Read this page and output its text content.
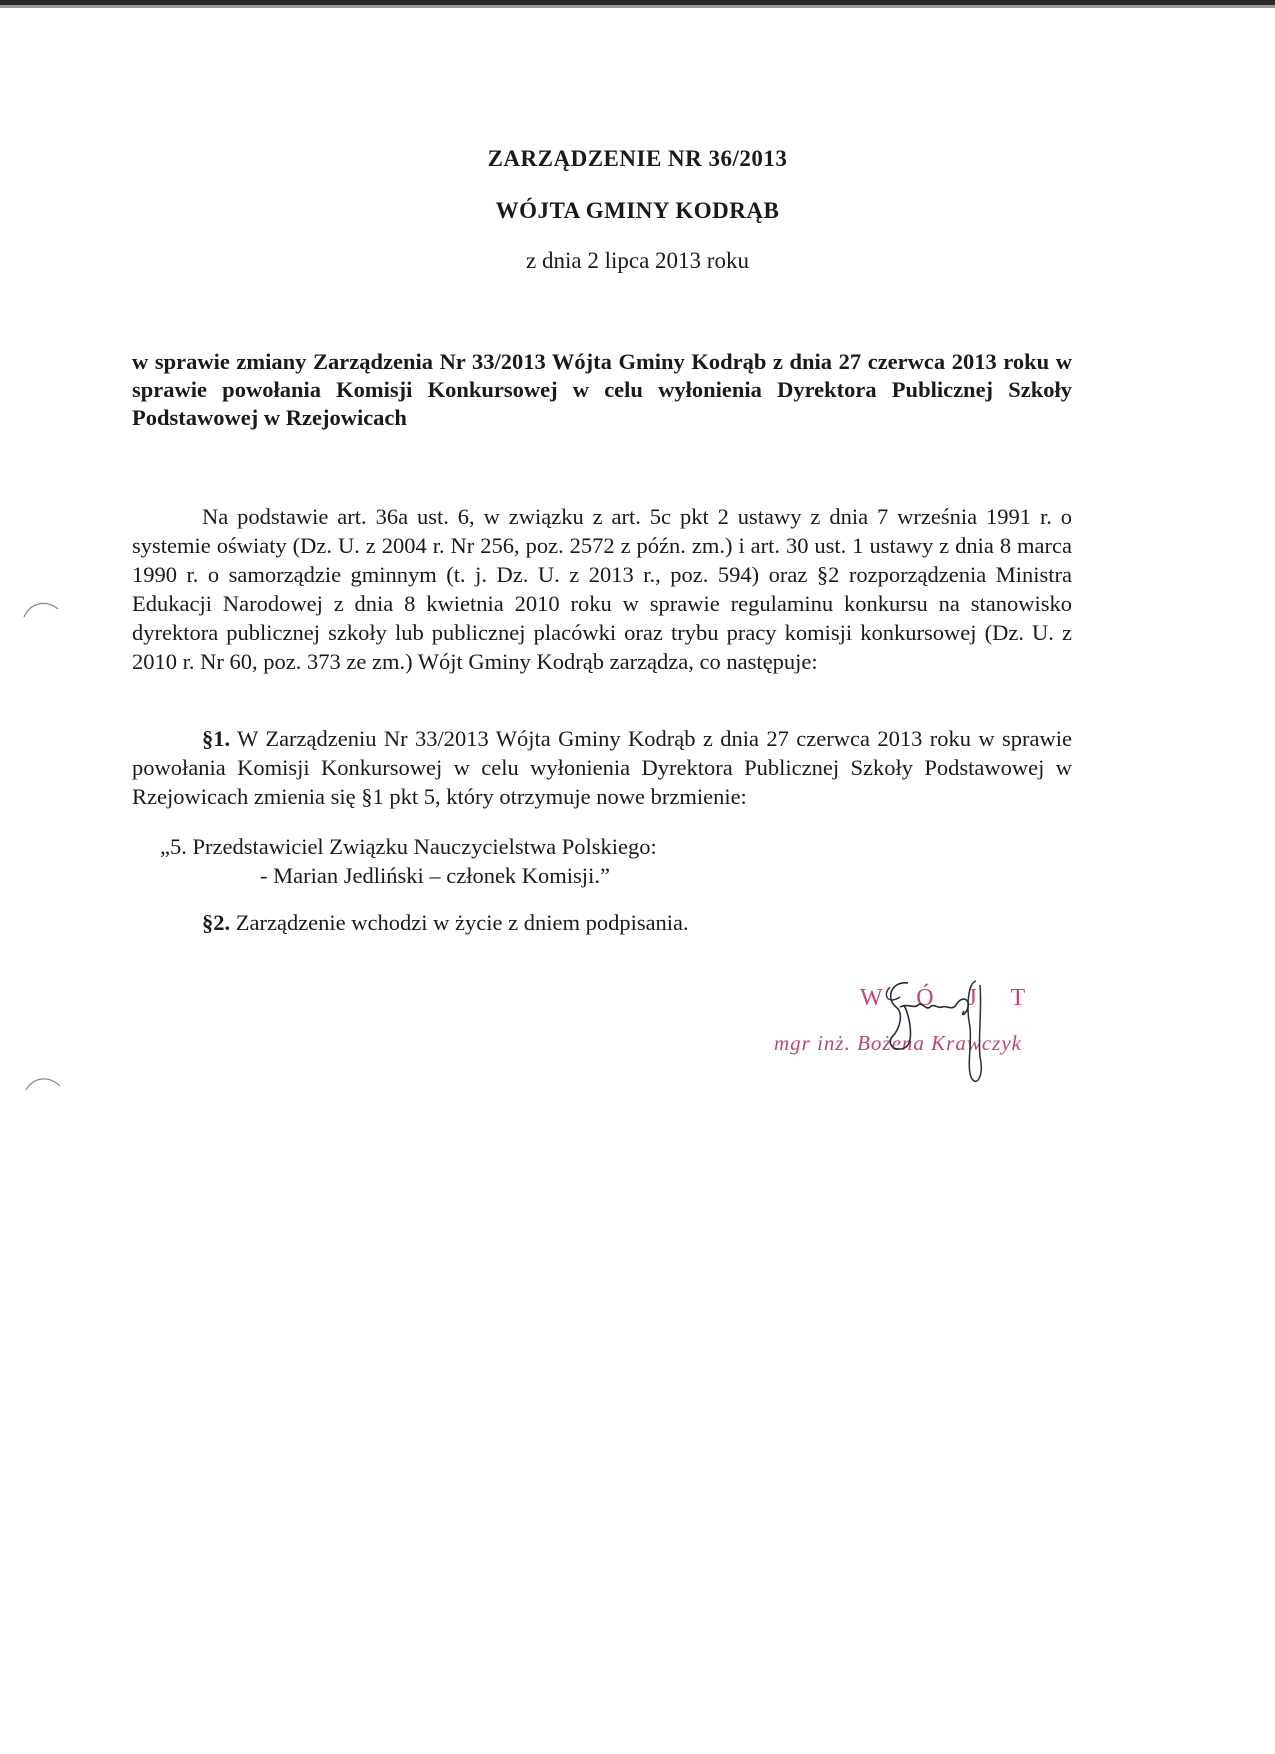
ZARZĄDZENIE NR 36/2013
WÓJTA GMINY KODRĄB
z dnia 2 lipca 2013 roku
w sprawie zmiany Zarządzenia Nr 33/2013 Wójta Gminy Kodrąb z dnia 27 czerwca 2013 roku w sprawie powołania Komisji Konkursowej w celu wyłonienia Dyrektora Publicznej Szkoły Podstawowej w Rzejowicach
Na podstawie art. 36a ust. 6, w związku z art. 5c pkt 2 ustawy z dnia 7 września 1991 r. o systemie oświaty (Dz. U. z 2004 r. Nr 256, poz. 2572 z późn. zm.) i art. 30 ust. 1 ustawy z dnia 8 marca 1990 r. o samorządzie gminnym (t. j. Dz. U. z 2013 r., poz. 594) oraz §2 rozporządzenia Ministra Edukacji Narodowej z dnia 8 kwietnia 2010 roku w sprawie regulaminu konkursu na stanowisko dyrektora publicznej szkoły lub publicznej placówki oraz trybu pracy komisji konkursowej (Dz. U. z 2010 r. Nr 60, poz. 373 ze zm.) Wójt Gminy Kodrąb zarządza, co następuje:
§1. W Zarządzeniu Nr 33/2013 Wójta Gminy Kodrąb z dnia 27 czerwca 2013 roku w sprawie powołania Komisji Konkursowej w celu wyłonienia Dyrektora Publicznej Szkoły Podstawowej w Rzejowicach zmienia się §1 pkt 5, który otrzymuje nowe brzmienie:
„5. Przedstawiciel Związku Nauczycielstwa Polskiego:
- Marian Jedliński – członek Komisji.”
§2. Zarządzenie wchodzi w życie z dniem podpisania.
W Ó J T
mgr inż. Bożena Krawczyk
